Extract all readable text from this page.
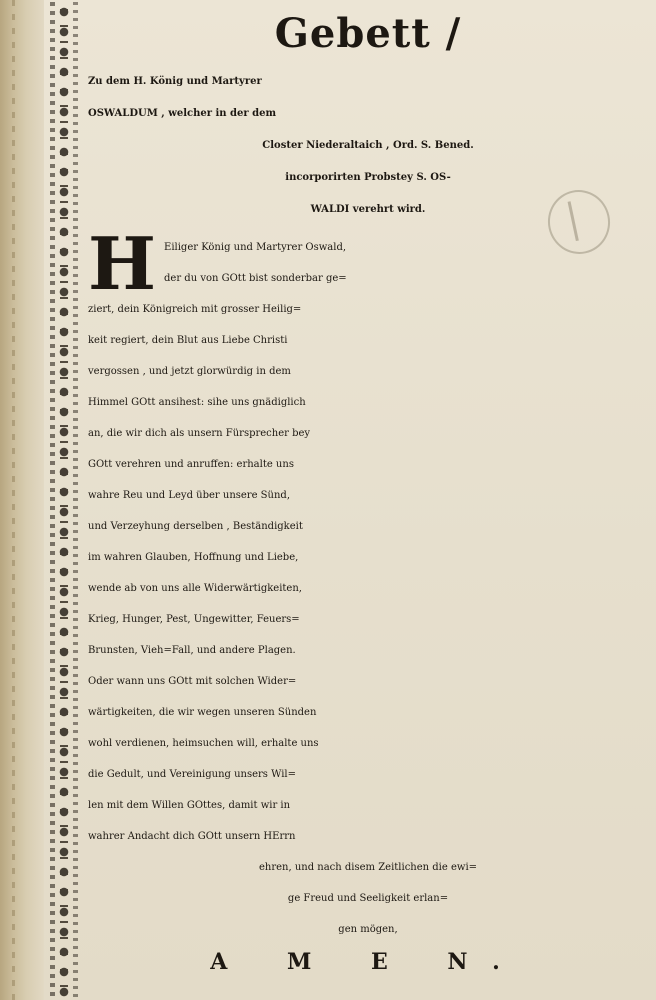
Gebett /
Zu dem H. König und Martyrer
OSWALDUM , welcher in der dem
Closter Niederaltaich , Ord. S. Bened.
incorporirten Probstey S. OS-
WALDI verehrt wird.
H Eiliger König und Martyrer Oswald,
der du von GOtt bist sonderbar ge=
ziert, dein Königreich mit grosser Heilig=
keit regiert, dein Blut aus Liebe Christi
vergossen , und jetzt glorwürdig in dem
Himmel GOtt ansihest: sihe uns gnädiglich
an, die wir dich als unsern Fürsprecher bey
GOtt verehren und anruffen: erhalte uns
wahre Reu und Leyd über unsere Sünd,
und Verzeyhung derselben , Beständigkeit
im wahren Glauben, Hoffnung und Liebe,
wende ab von uns alle Widerwärtigkeiten,
Krieg, Hunger, Pest, Ungewitter, Feuers=
Brunsten, Vieh=Fall, und andere Plagen.
Oder wann uns GOtt mit solchen Wider=
wärtigkeiten, die wir wegen unseren Sünden
wohl verdienen, heimsuchen will, erhalte uns
die Gedult, und Vereinigung unsers Wil=
len mit dem Willen GOttes, damit wir in
wahrer Andacht dich GOtt unsern HErrn
ehren, und nach disem Zeitlichen die ewi=
ge Freud und Seeligkeit erlan=
gen mögen,
A M E N.
